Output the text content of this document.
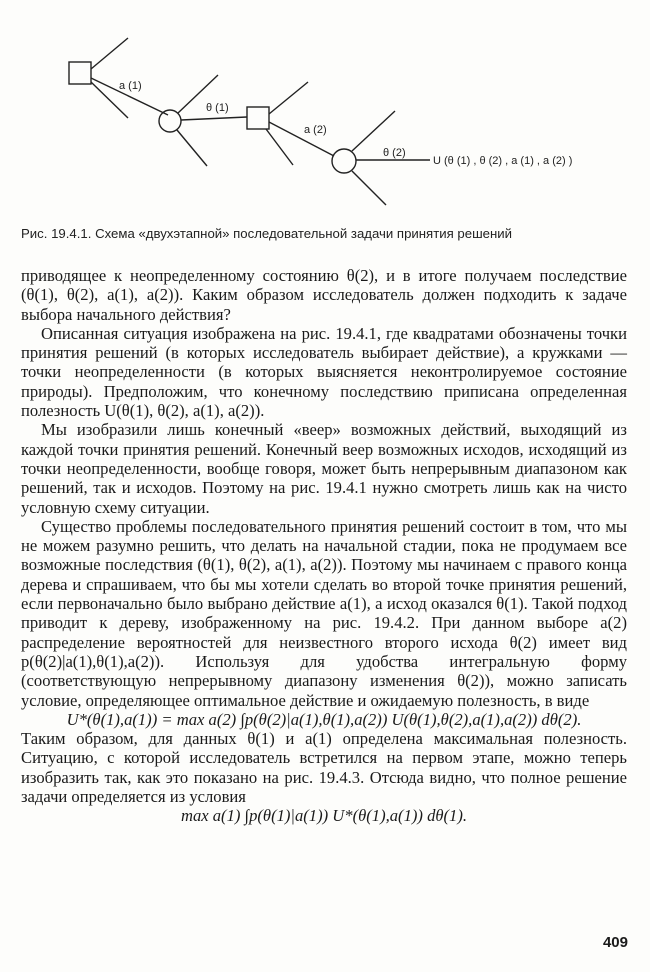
a (1)
θ (1)
a (2)
θ (2)
U (θ (1) , θ (2) , a (1) , a (2) )
Рис. 19.4.1. Схема «двухэтапной» последовательной задачи принятия решений

приводящее к неопределенному состоянию θ(2), и в итоге получаем последствие (θ(1), θ(2), a(1), a(2)). Каким образом исследователь должен подходить к задаче выбора начального действия?

Описанная ситуация изображена на рис. 19.4.1, где квадратами обозначены точки принятия решений (в которых исследователь выбирает действие), а кружками — точки неопределенности (в которых выясняется неконтролируемое состояние природы). Предположим, что конечному последствию приписана определенная полезность U(θ(1), θ(2), a(1), a(2)).

Мы изобразили лишь конечный «веер» возможных действий, выходящий из каждой точки принятия решений. Конечный веер возможных исходов, исходящий из точки неопределенности, вообще говоря, может быть непрерывным диапазоном как решений, так и исходов. Поэтому на рис. 19.4.1 нужно смотреть лишь как на чисто условную схему ситуации.

Существо проблемы последовательного принятия решений состоит в том, что мы не можем разумно решить, что делать на начальной стадии, пока не продумаем все возможные последствия (θ(1), θ(2), a(1), a(2)). Поэтому мы начинаем с правого конца дерева и спрашиваем, что бы мы хотели сделать во второй точке принятия решений, если первоначально было выбрано действие a(1), а исход оказался θ(1). Такой подход приводит к дереву, изображенному на рис. 19.4.2. При данном выборе a(2) распределение вероятностей для неизвестного второго исхода θ(2) имеет вид p(θ(2)|a(1),θ(1),a(2)). Используя для удобства интегральную форму (соответствующую непрерывному диапазону изменения θ(2)), можно записать условие, определяющее оптимальное действие и ожидаемую полезность, в виде

U*(θ(1),a(1)) = max a(2) ∫p(θ(2)|a(1),θ(1),a(2)) U(θ(1),θ(2),a(1),a(2)) dθ(2).

Таким образом, для данных θ(1) и a(1) определена максимальная полезность. Ситуацию, с которой исследователь встретился на первом этапе, можно теперь изобразить так, как это показано на рис. 19.4.3. Отсюда видно, что полное решение задачи определяется из условия

max a(1) ∫p(θ(1)|a(1)) U*(θ(1),a(1)) dθ(1).

409
